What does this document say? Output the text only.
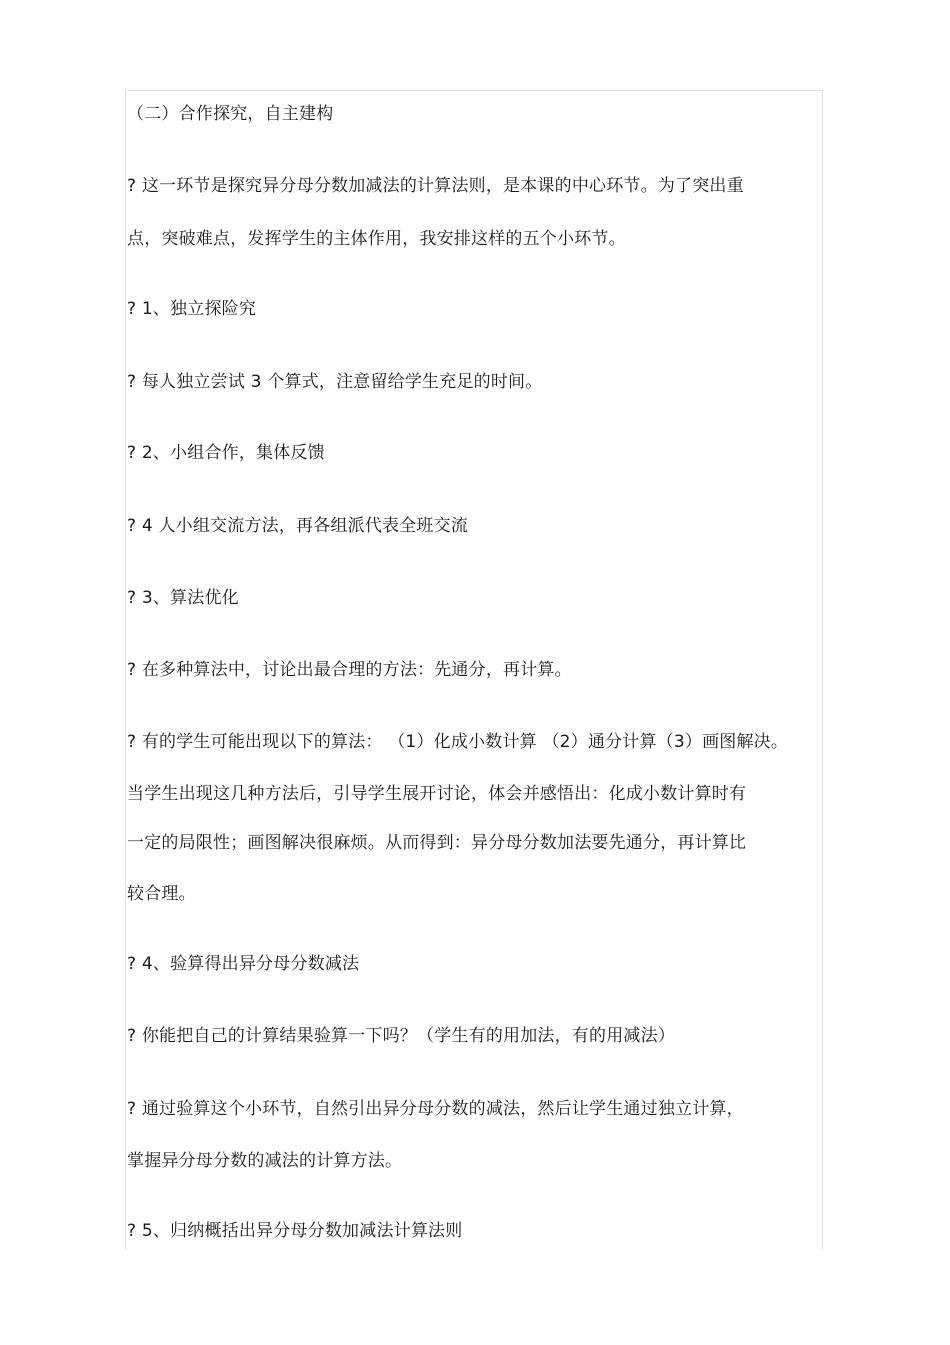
（二）合作探究，自主建构
? 这一环节是探究异分母分数加减法的计算法则，是本课的中心环节。为了突出重
点，突破难点，发挥学生的主体作用，我安排这样的五个小环节。
? 1、独立探险究
? 每人独立尝试 3 个算式，注意留给学生充足的时间。
? 2、小组合作，集体反馈
? 4 人小组交流方法，再各组派代表全班交流
? 3、算法优化
? 在多种算法中，讨论出最合理的方法：先通分，再计算。
? 有的学生可能出现以下的算法： （1）化成小数计算 （2）通分计算（3）画图解决。
当学生出现这几种方法后，引导学生展开讨论，体会并感悟出：化成小数计算时有
一定的局限性；画图解决很麻烦。从而得到：异分母分数加法要先通分，再计算比
较合理。
? 4、验算得出异分母分数减法
? 你能把自己的计算结果验算一下吗？（学生有的用加法，有的用减法）
? 通过验算这个小环节，自然引出异分母分数的减法，然后让学生通过独立计算，
掌握异分母分数的减法的计算方法。
? 5、归纳概括出异分母分数加减法计算法则
